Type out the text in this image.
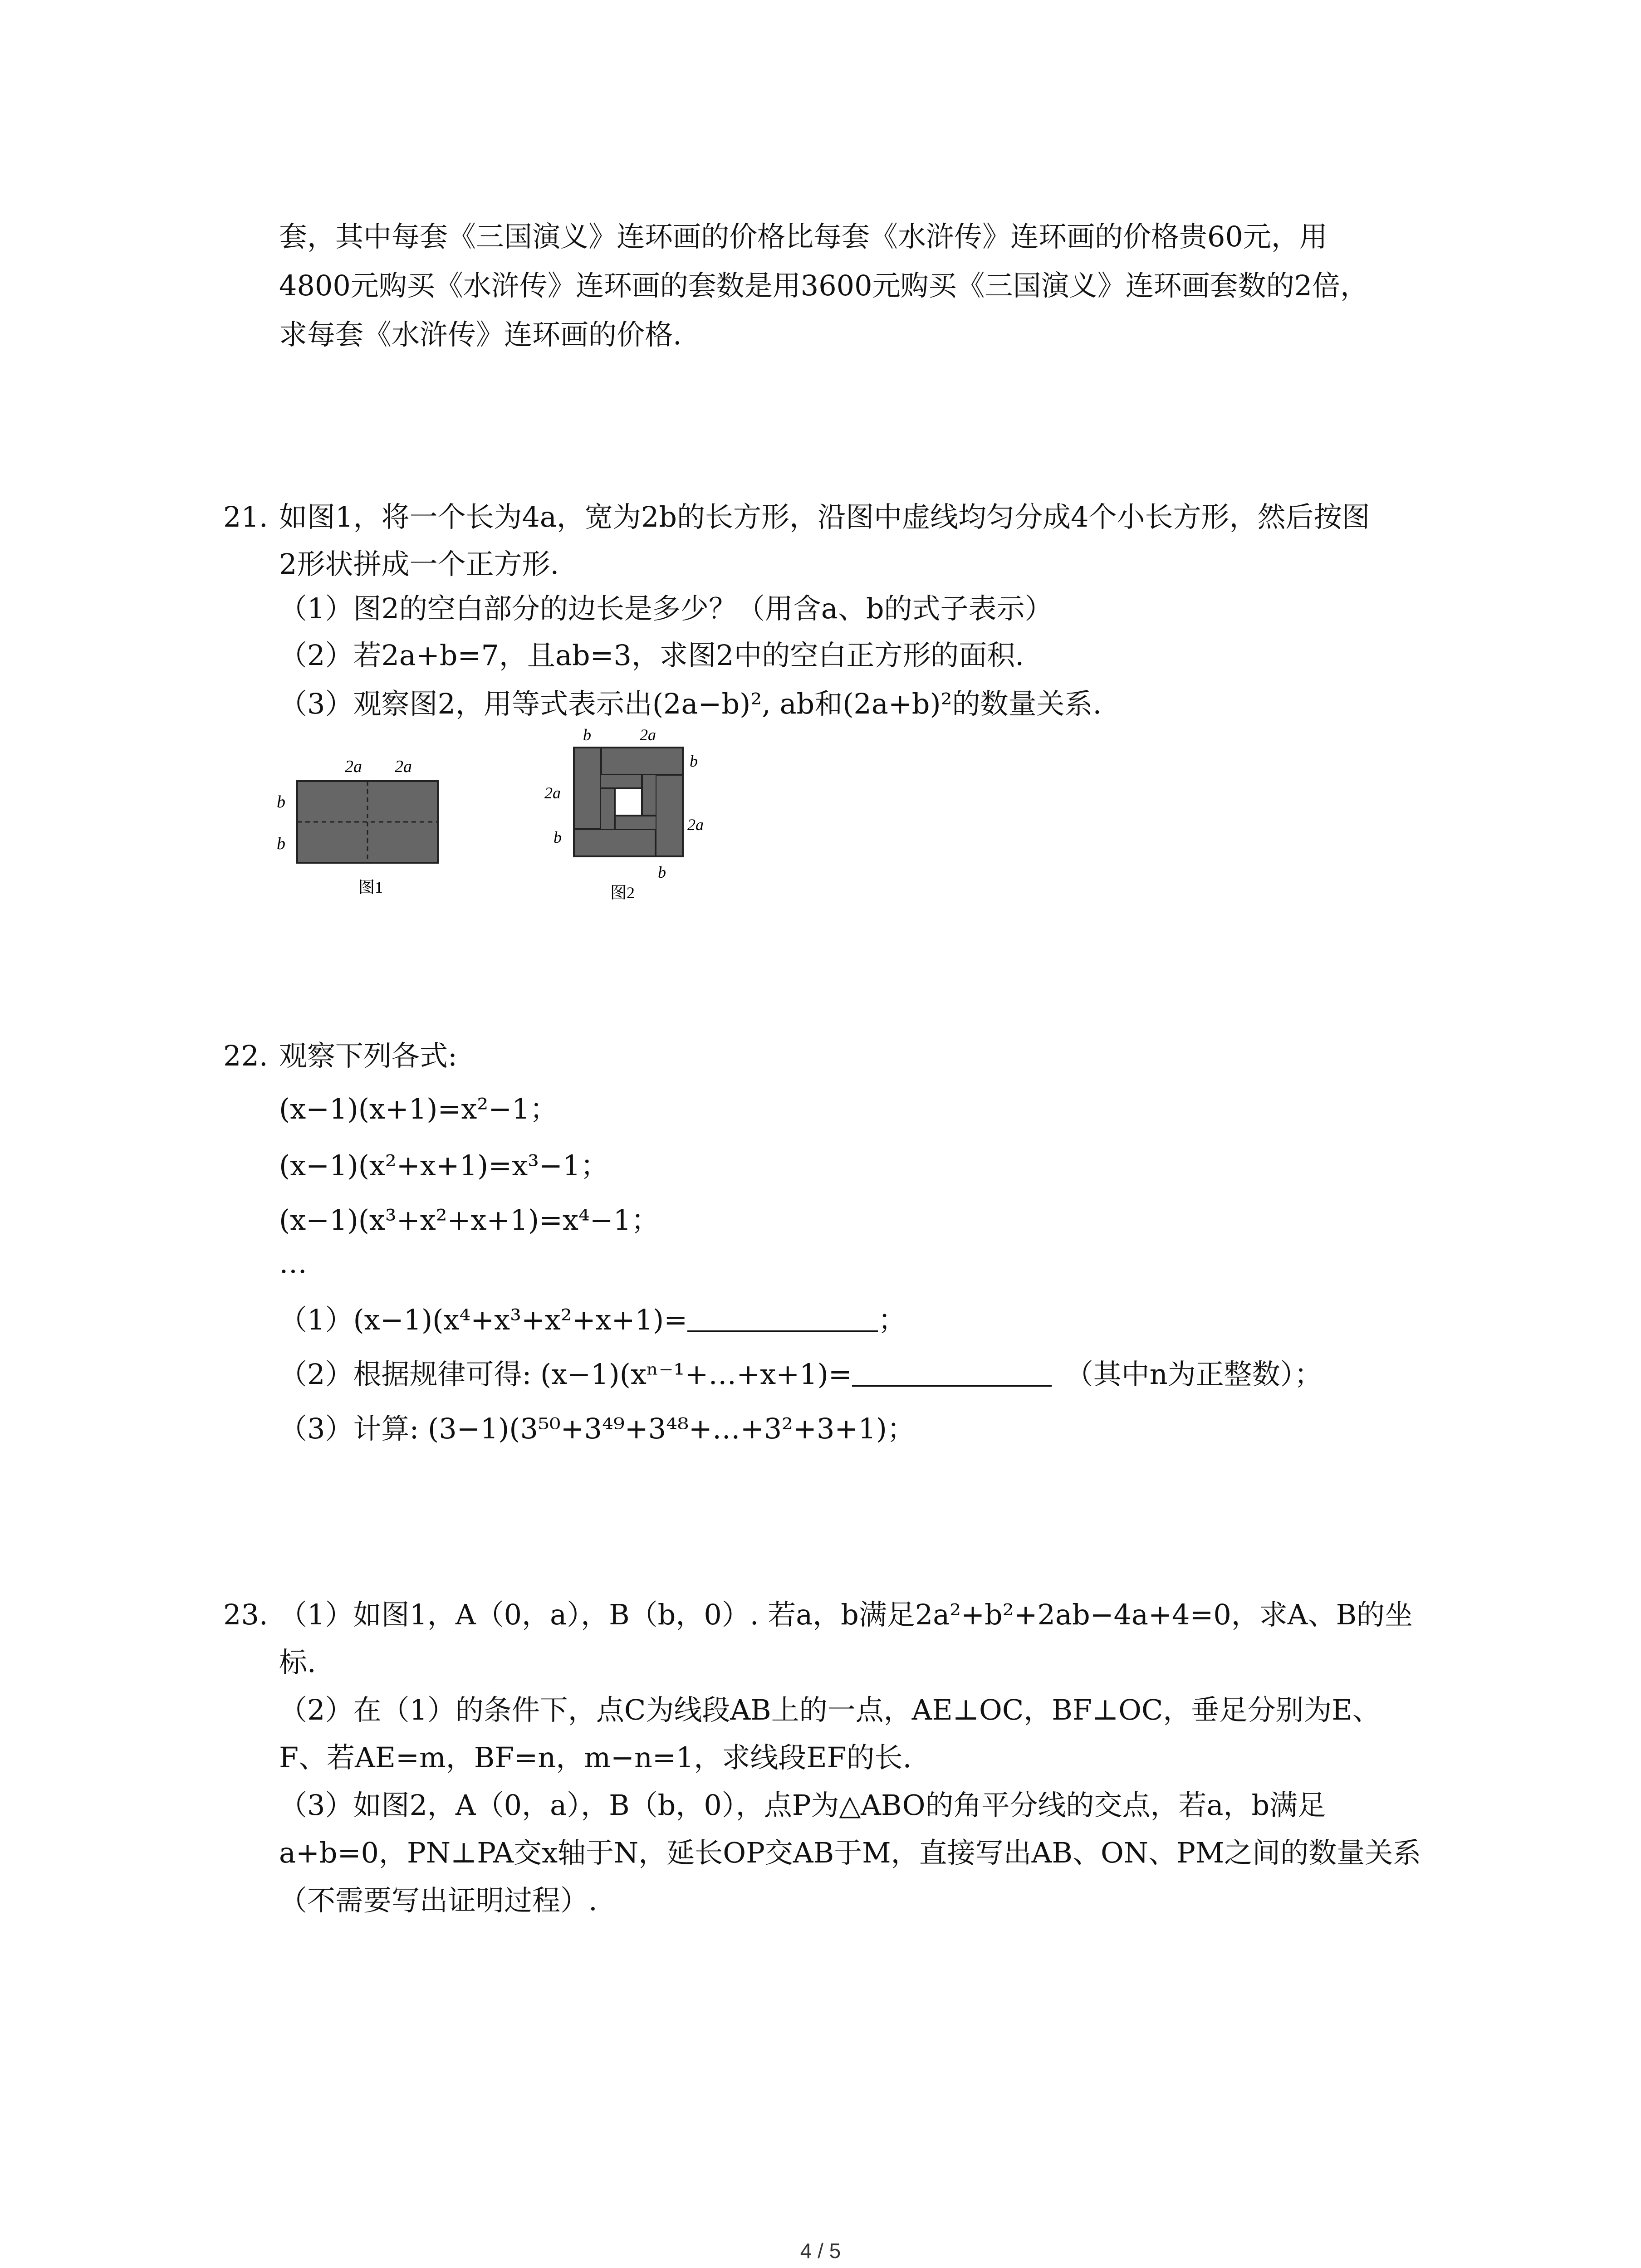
套，其中每套《三国演义》连环画的价格比每套《水浒传》连环画的价格贵60元，用
4800元购买《水浒传》连环画的套数是用3600元购买《三国演义》连环画套数的2倍，
求每套《水浒传》连环画的价格.
21. 如图1，将一个长为4a，宽为2b的长方形，沿图中虚线均匀分成4个小长方形，然后按图
2形状拼成一个正方形.
（1）图2的空白部分的边长是多少？（用含a、b的式子表示）
（2）若2a+b=7，且ab=3，求图2中的空白正方形的面积.
（3）观察图2，用等式表示出(2a−b)², ab和(2a+b)²的数量关系.
2a 2a
b
b
图1
b	2a
2a
b
b
2a
b
图2
22. 观察下列各式:
(x−1)(x+1)=x²−1；
(x−1)(x²+x+1)=x³−1；
(x−1)(x³+x²+x+1)=x⁴−1；
…
（1）(x−1)(x⁴+x³+x²+x+1)=	；
（2）根据规律可得: (x−1)(xⁿ⁻¹+…+x+1)=	（其中n为正整数）；
（3）计算: (3−1)(3⁵⁰+3⁴⁹+3⁴⁸+…+3²+3+1)；
23. （1）如图1，A（0，a），B（b，0）. 若a，b满足2a²+b²+2ab−4a+4=0，求A、B的坐
标.
（2）在（1）的条件下，点C为线段AB上的一点，AE⊥OC，BF⊥OC，垂足分别为E、
F、若AE=m，BF=n，m−n=1，求线段EF的长.
（3）如图2，A（0，a），B（b，0），点P为△ABO的角平分线的交点，若a，b满足
a+b=0，PN⊥PA交x轴于N，延长OP交AB于M，直接写出AB、ON、PM之间的数量关系
（不需要写出证明过程）.
4 / 5
